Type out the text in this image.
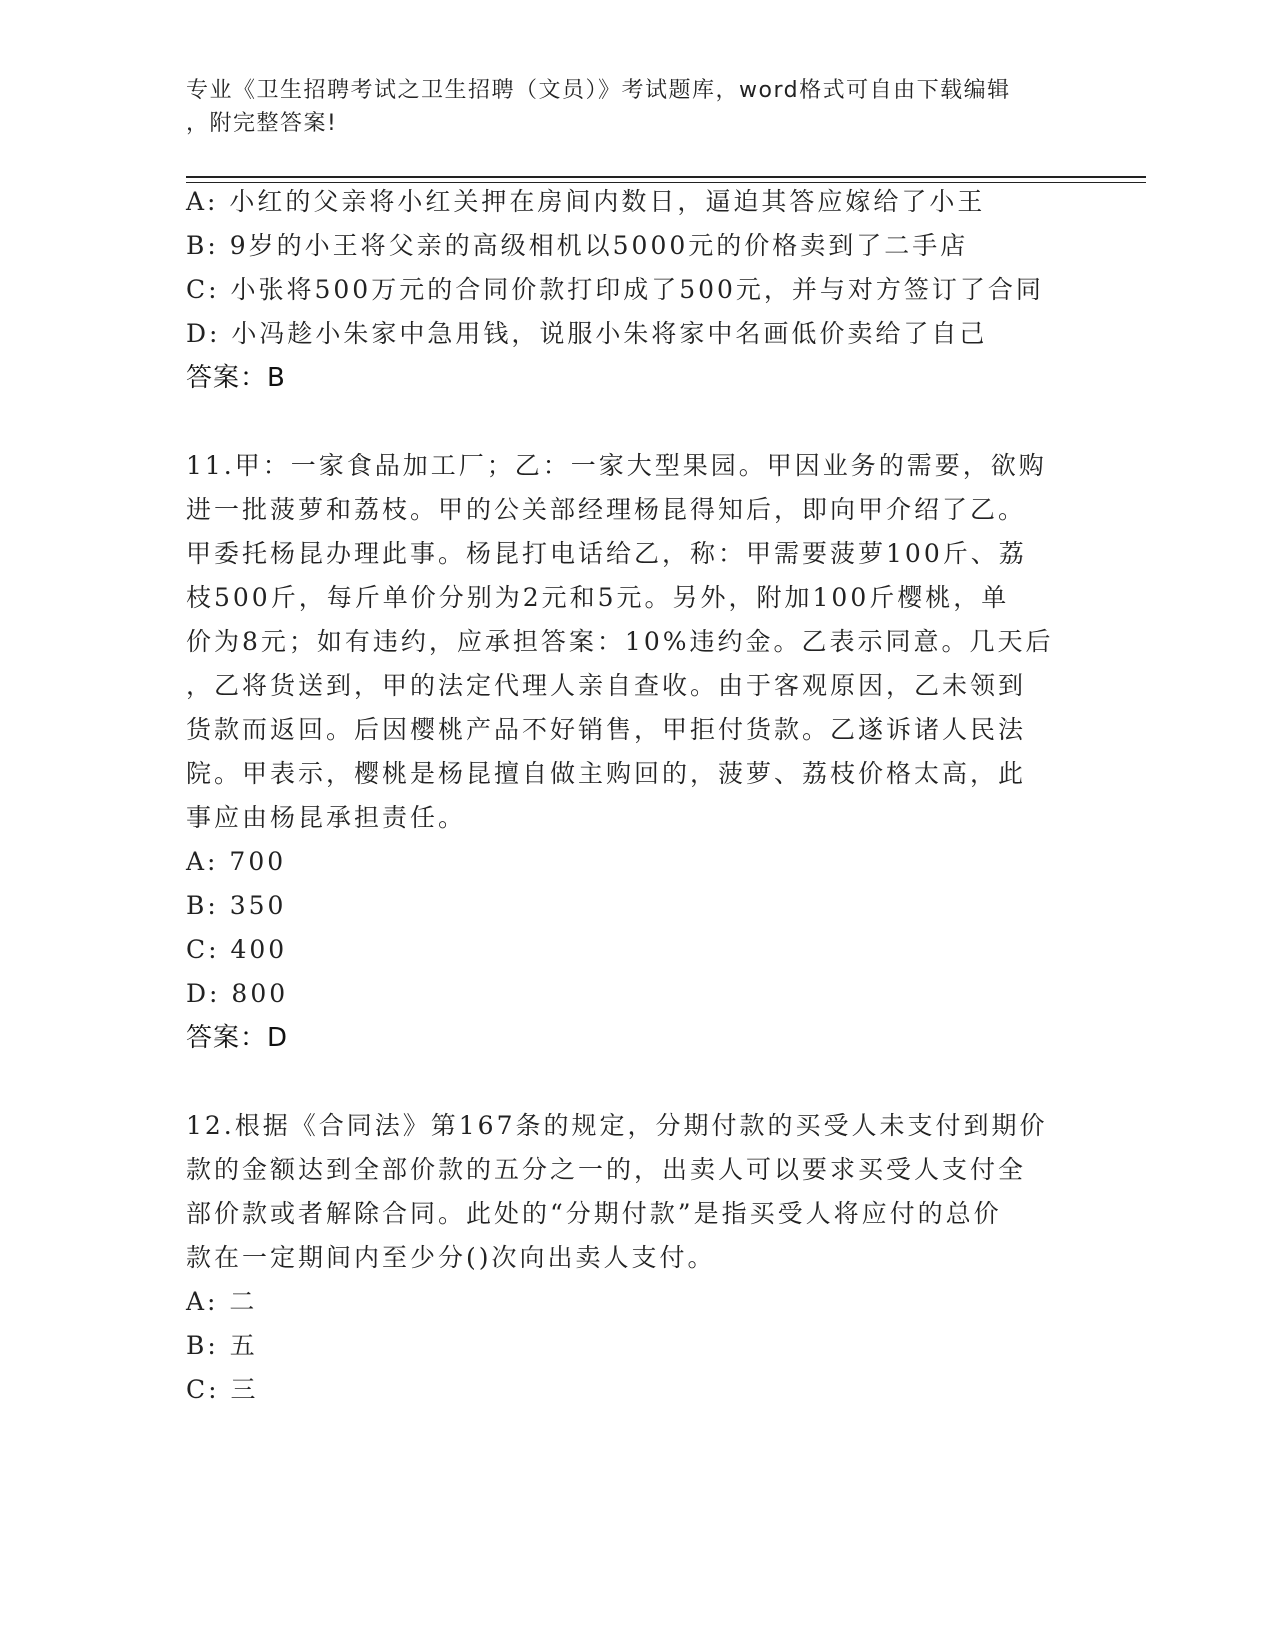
专业《卫生招聘考试之卫生招聘（文员）》考试题库，word格式可自由下载编辑
，附完整答案!
A: 小红的父亲将小红关押在房间内数日，逼迫其答应嫁给了小王
B: 9岁的小王将父亲的高级相机以5000元的价格卖到了二手店
C: 小张将500万元的合同价款打印成了500元，并与对方签订了合同
D: 小冯趁小朱家中急用钱，说服小朱将家中名画低价卖给了自己
答案：B
11.甲：一家食品加工厂；乙：一家大型果园。甲因业务的需要，欲购
进一批菠萝和荔枝。甲的公关部经理杨昆得知后，即向甲介绍了乙。
甲委托杨昆办理此事。杨昆打电话给乙，称：甲需要菠萝100斤、荔
枝500斤，每斤单价分别为2元和5元。另外，附加100斤樱桃，单
价为8元；如有违约，应承担答案：10%违约金。乙表示同意。几天后
，乙将货送到，甲的法定代理人亲自查收。由于客观原因，乙未领到
货款而返回。后因樱桃产品不好销售，甲拒付货款。乙遂诉诸人民法
院。甲表示，樱桃是杨昆擅自做主购回的，菠萝、荔枝价格太高，此
事应由杨昆承担责任。
A: 700
B: 350
C: 400
D: 800
答案：D
12.根据《合同法》第167条的规定，分期付款的买受人未支付到期价
款的金额达到全部价款的五分之一的，出卖人可以要求买受人支付全
部价款或者解除合同。此处的“分期付款”是指买受人将应付的总价
款在一定期间内至少分()次向出卖人支付。
A: 二
B: 五
C: 三
